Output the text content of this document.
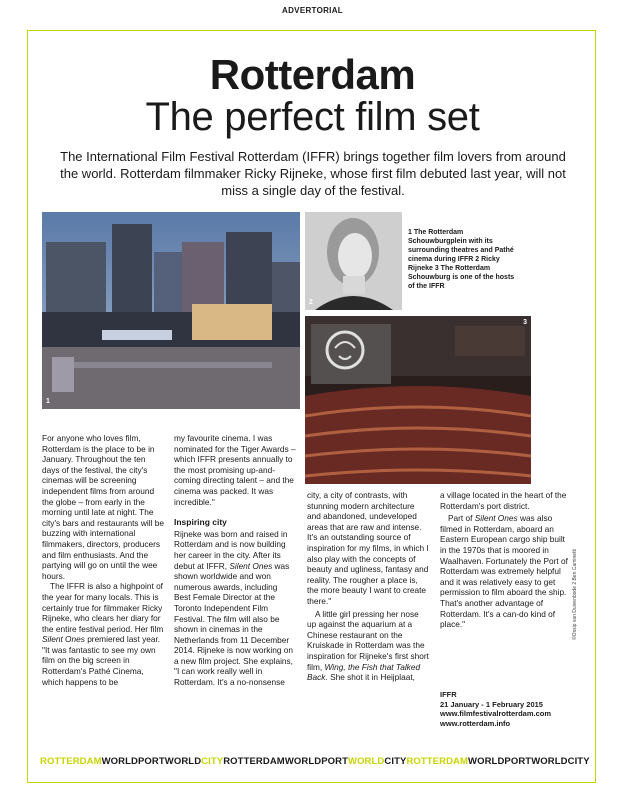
ADVERTORIAL
Rotterdam
The perfect film set
The International Film Festival Rotterdam (IFFR) brings together film lovers from around the world. Rotterdam filmmaker Ricky Rijneke, whose first film debuted last year, will not miss a single day of the festival.
1
2
1 The Rotterdam Schouwburgplein with its surrounding theatres and Pathé cinema during IFFR 2 Ricky Rijneke 3 The Rotterdam Schouwburg is one of the hosts of the IFFR
3

For anyone who loves film, Rotterdam is the place to be in January. Throughout the ten days of the festival, the city's cinemas will be screening independent films from around the globe – from early in the morning until late at night. The city's bars and restaurants will be buzzing with international filmmakers, directors, producers and film enthusiasts. And the partying will go on until the wee hours.

The IFFR is also a highpoint of the year for many locals. This is certainly true for filmmaker Ricky Rijneke, who clears her diary for the entire festival period. Her film Silent Ones premiered last year. "It was fantastic to see my own film on the big screen in Rotterdam's Pathé Cinema, which happens to be

my favourite cinema. I was nominated for the Tiger Awards – which IFFR presents annually to the most promising up-and-coming directing talent – and the cinema was packed. It was incredible."

Inspiring city

Rijneke was born and raised in Rotterdam and is now building her career in the city. After its debut at IFFR, Silent Ones was shown worldwide and won numerous awards, including Best Female Director at the Toronto Independent Film Festival. The film will also be shown in cinemas in the Netherlands from 11 December 2014. Rijneke is now working on a new film project. She explains, "I can work really well in Rotterdam. It's a no-nonsense

city, a city of contrasts, with stunning modern architecture and abandoned, undeveloped areas that are raw and intense. It's an outstanding source of inspiration for my films, in which I also play with the concepts of beauty and ugliness, fantasy and reality. The rougher a place is, the more beauty I want to create there."

A little girl pressing her nose up against the aquarium at a Chinese restaurant on the Kruiskade in Rotterdam was the inspiration for Rijneke's first short film, Wing, the Fish that Talked Back. She shot it in Heijplaat,

a village located in the heart of the Rotterdam's port district.

Part of Silent Ones was also filmed in Rotterdam, aboard an Eastern European cargo ship built in the 1970s that is moored in Waalhaven. Fortunately the Port of Rotterdam was extremely helpful and it was relatively easy to get permission to film aboard the ship. That's another advantage of Rotterdam. It's a can-do kind of place."

IFFR
21 January - 1 February 2015
www.filmfestivalrotterdam.com
www.rotterdam.info
©Ossip van Duivenbode 2 Ben Caminetti
ROTTERDAMWORLDPORTWORLDCITYROTTERDAMWORLDPORTWORLDCITYROTTERDAMWORLDPORTWORLDCITY
